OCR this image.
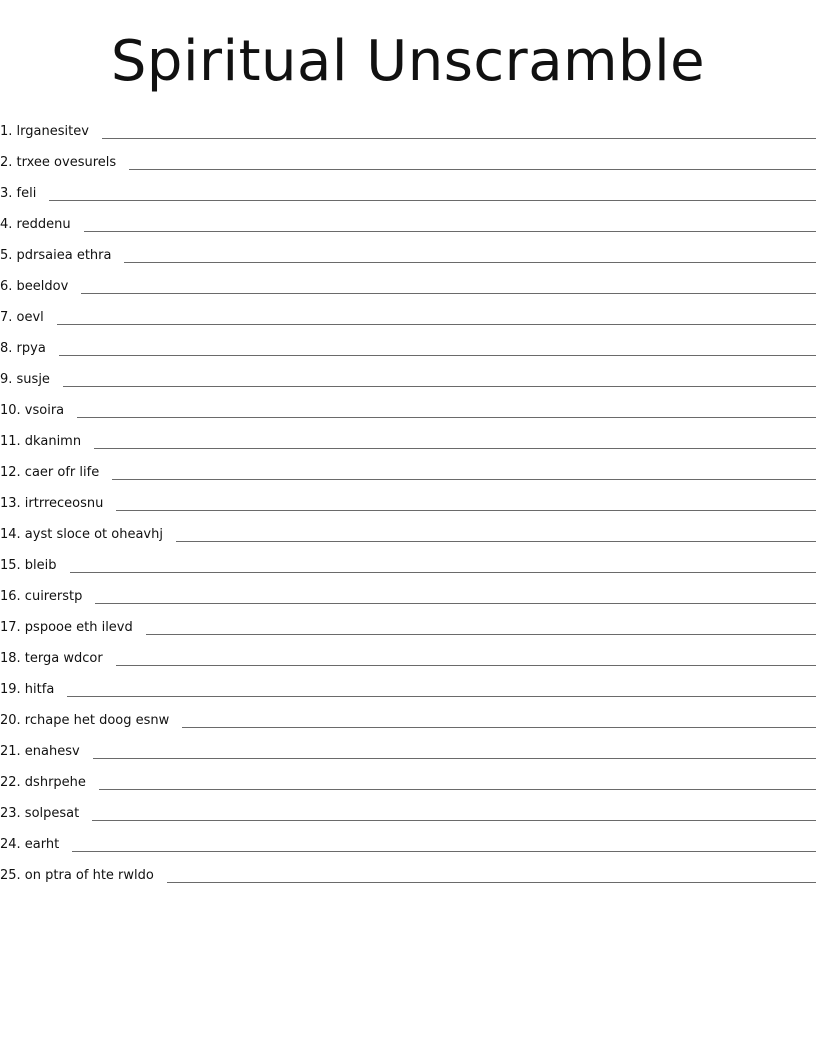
Spiritual Unscramble
1. lrganesitev
2. trxee ovesurels
3. feli
4. reddenu
5. pdrsaiea ethra
6. beeldov
7. oevl
8. rpya
9. susje
10. vsoira
11. dkanimn
12. caer ofr life
13. irtrreceosnu
14. ayst sloce ot oheavhj
15. bleib
16. cuirerstp
17. pspooe eth ilevd
18. terga wdcor
19. hitfa
20. rchape het doog esnw
21. enahesv
22. dshrpehe
23. solpesat
24. earht
25. on ptra of hte rwldo
